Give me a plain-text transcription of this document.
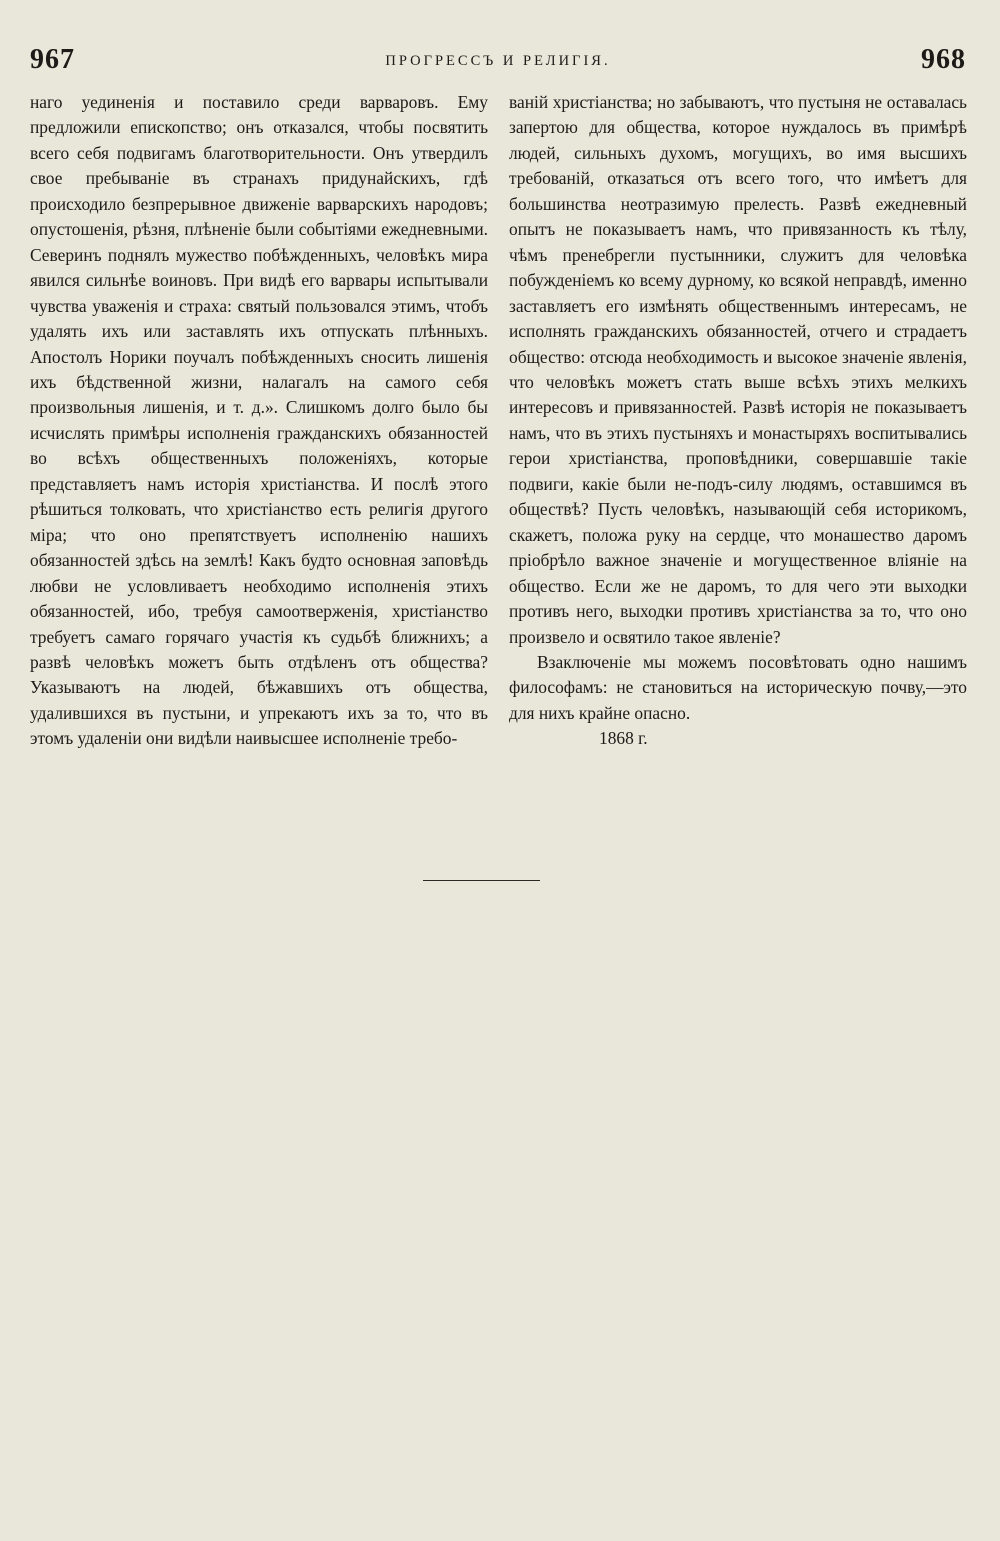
967	ПРОГРЕССЪ И РЕЛИГІЯ.	968

наго уединенія и поставило среди варваровъ. Ему предложили епископство; онъ отказался, чтобы посвятить всего себя подвигамъ благотворительности. Онъ утвердилъ свое пребываніе въ странахъ придунайскихъ, гдѣ происходило безпрерывное движеніе варварскихъ народовъ; опустошенія, рѣзня, плѣненіе были событіями ежедневными. Северинъ поднялъ мужество побѣжденныхъ, человѣкъ мира явился сильнѣе воиновъ. При видѣ его варвары испытывали чувства уваженія и страха: святый пользовался этимъ, чтобъ удалять ихъ или заставлять ихъ отпускать плѣнныхъ. Апостолъ Норики поучалъ побѣжденныхъ сносить лишенія ихъ бѣдственной жизни, налагалъ на самого себя произвольныя лишенія, и т. д.». Слишкомъ долго было бы исчислять примѣры исполненія гражданскихъ обязанностей во всѣхъ общественныхъ положеніяхъ, которые представляетъ намъ исторія христіанства. И послѣ этого рѣшиться толковать, что христіанство есть религія другого міра; что оно препятствуетъ исполненію нашихъ обязанностей здѣсь на землѣ! Какъ будто основная заповѣдь любви не условливаетъ необходимо исполненія этихъ обязанностей, ибо, требуя самоотверженія, христіанство требуетъ самаго горячаго участія къ судьбѣ ближнихъ; а развѣ человѣкъ можетъ быть отдѣленъ отъ общества? Указываютъ на людей, бѣжавшихъ отъ общества, удалившихся въ пустыни, и упрекаютъ ихъ за то, что въ этомъ удаленіи они видѣли наивысшее исполненіе требо-

ваній христіанства; но забываютъ, что пустыня не оставалась запертою для общества, которое нуждалось въ примѣрѣ людей, сильныхъ духомъ, могущихъ, во имя высшихъ требованій, отказаться отъ всего того, что имѣетъ для большинства неотразимую прелесть. Развѣ ежедневный опытъ не показываетъ намъ, что привязанность къ тѣлу, чѣмъ пренебрегли пустынники, служитъ для человѣка побужденіемъ ко всему дурному, ко всякой неправдѣ, именно заставляетъ его измѣнять общественнымъ интересамъ, не исполнять гражданскихъ обязанностей, отчего и страдаетъ общество: отсюда необходимость и высокое значеніе явленія, что человѣкъ можетъ стать выше всѣхъ этихъ мелкихъ интересовъ и привязанностей. Развѣ исторія не показываетъ намъ, что въ этихъ пустыняхъ и монастыряхъ воспитывались герои христіанства, проповѣдники, совершавшіе такіе подвиги, какіе были не-подъ-силу людямъ, оставшимся въ обществѣ? Пусть человѣкъ, называющій себя историкомъ, скажетъ, положа руку на сердце, что монашество даромъ пріобрѣло важное значеніе и могущественное вліяніе на общество. Если же не даромъ, то для чего эти выходки противъ него, выходки противъ христіанства за то, что оно произвело и освятило такое явленіе?

Взаключеніе мы можемъ посовѣтовать одно нашимъ философамъ: не становиться на историческую почву,—это для нихъ крайне опасно.

1868 г.
